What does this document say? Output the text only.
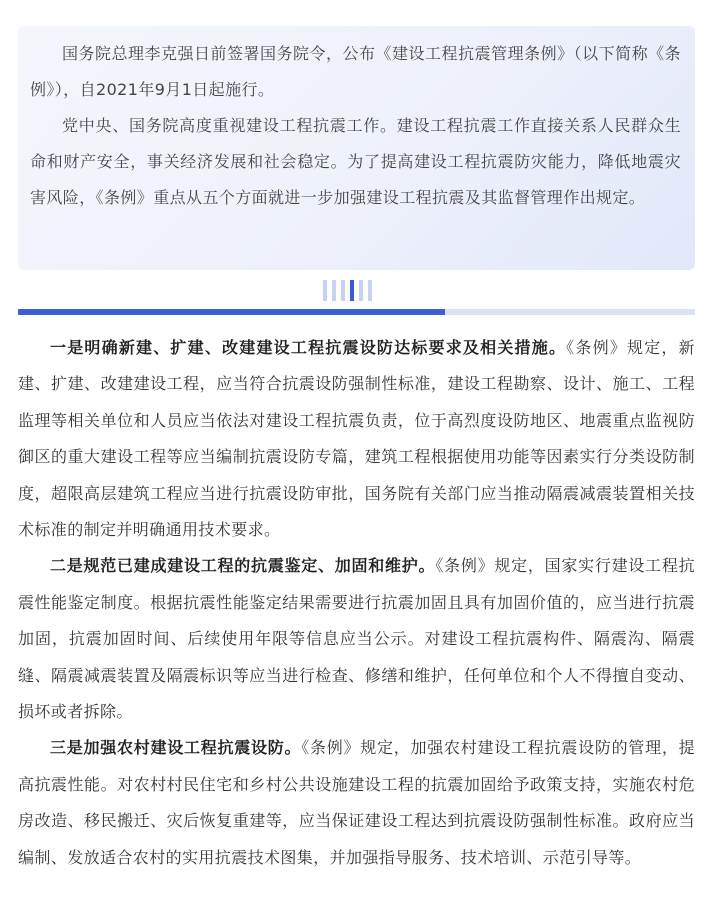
国务院总理李克强日前签署国务院令，公布《建设工程抗震管理条例》（以下简称《条例》），自2021年9月1日起施行。

党中央、国务院高度重视建设工程抗震工作。建设工程抗震工作直接关系人民群众生命和财产安全，事关经济发展和社会稳定。为了提高建设工程抗震防灾能力，降低地震灾害风险，《条例》重点从五个方面就进一步加强建设工程抗震及其监督管理作出规定。

一是明确新建、扩建、改建建设工程抗震设防达标要求及相关措施。《条例》规定，新建、扩建、改建建设工程，应当符合抗震设防强制性标准，建设工程勘察、设计、施工、工程监理等相关单位和人员应当依法对建设工程抗震负责，位于高烈度设防地区、地震重点监视防御区的重大建设工程等应当编制抗震设防专篇，建筑工程根据使用功能等因素实行分类设防制度，超限高层建筑工程应当进行抗震设防审批，国务院有关部门应当推动隔震减震装置相关技术标准的制定并明确通用技术要求。

二是规范已建成建设工程的抗震鉴定、加固和维护。《条例》规定，国家实行建设工程抗震性能鉴定制度。根据抗震性能鉴定结果需要进行抗震加固且具有加固价值的，应当进行抗震加固，抗震加固时间、后续使用年限等信息应当公示。对建设工程抗震构件、隔震沟、隔震缝、隔震减震装置及隔震标识等应当进行检查、修缮和维护，任何单位和个人不得擅自变动、损坏或者拆除。

三是加强农村建设工程抗震设防。《条例》规定，加强农村建设工程抗震设防的管理，提高抗震性能。对农村村民住宅和乡村公共设施建设工程的抗震加固给予政策支持，实施农村危房改造、移民搬迁、灾后恢复重建等，应当保证建设工程达到抗震设防强制性标准。政府应当编制、发放适合农村的实用抗震技术图集，并加强指导服务、技术培训、示范引导等。
